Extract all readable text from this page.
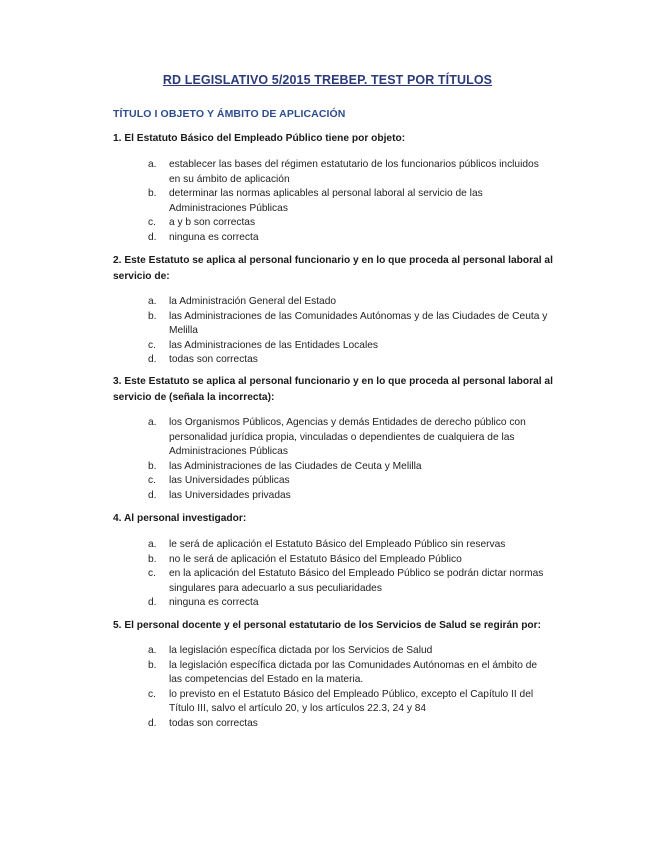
RD LEGISLATIVO 5/2015 TREBEP. TEST POR TÍTULOS
TÍTULO I OBJETO Y ÁMBITO DE APLICACIÓN
1. El Estatuto Básico del Empleado Público tiene por objeto:
a. establecer las bases del régimen estatutario de los funcionarios públicos incluidos en su ámbito de aplicación
b. determinar las normas aplicables al personal laboral al servicio de las Administraciones Públicas
c. a y b son correctas
d. ninguna es correcta
2. Este Estatuto se aplica al personal funcionario y en lo que proceda al personal laboral al servicio de:
a. la Administración General del Estado
b. las Administraciones de las Comunidades Autónomas y de las Ciudades de Ceuta y Melilla
c. las Administraciones de las Entidades Locales
d. todas son correctas
3. Este Estatuto se aplica al personal funcionario y en lo que proceda al personal laboral al servicio de (señala la incorrecta):
a. los Organismos Públicos, Agencias y demás Entidades de derecho público con personalidad jurídica propia, vinculadas o dependientes de cualquiera de las Administraciones Públicas
b. las Administraciones de las Ciudades de Ceuta y Melilla
c. las Universidades públicas
d. las Universidades privadas
4. Al personal investigador:
a. le será de aplicación el Estatuto Básico del Empleado Público sin reservas
b. no le será de aplicación el Estatuto Básico del Empleado Público
c. en la aplicación del Estatuto Básico del Empleado Público se podrán dictar normas singulares para adecuarlo a sus peculiaridades
d. ninguna es correcta
5. El personal docente y el personal estatutario de los Servicios de Salud se regirán por:
a. la legislación específica dictada por los Servicios de Salud
b. la legislación específica dictada por las Comunidades Autónomas en el ámbito de las competencias del Estado en la materia.
c. lo previsto en el Estatuto Básico del Empleado Público, excepto el Capítulo II del Título III, salvo el artículo 20, y los artículos 22.3, 24 y 84
d. todas son correctas
